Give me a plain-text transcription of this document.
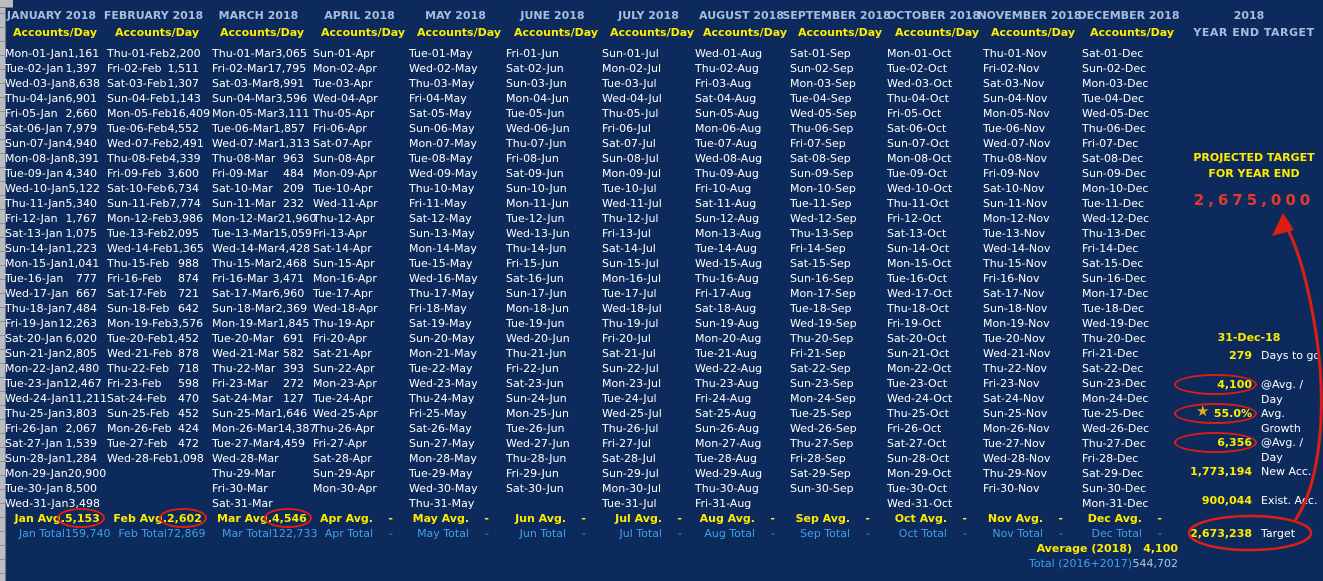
JANUARY 2018
Accounts/Day
Mon-01-Jan 1,161
Tue-02-Jan 1,397
Wed-03-Jan 8,638
Thu-04-Jan 6,901
Fri-05-Jan 2,660
Sat-06-Jan 7,979
Sun-07-Jan 4,940
Mon-08-Jan 8,391
Tue-09-Jan 4,340
Wed-10-Jan 5,122
Thu-11-Jan 5,340
Fri-12-Jan 1,767
Sat-13-Jan 1,075
Sun-14-Jan 1,223
Mon-15-Jan 1,041
Tue-16-Jan 777
Wed-17-Jan 667
Thu-18-Jan 7,484
Fri-19-Jan 12,263
Sat-20-Jan 6,020
Sun-21-Jan 2,805
Mon-22-Jan 2,480
Tue-23-Jan 12,467
Wed-24-Jan 11,211
Thu-25-Jan 3,803
Fri-26-Jan 2,067
Sat-27-Jan 1,539
Sun-28-Jan 1,284
Mon-29-Jan 20,900
Tue-30-Jan 8,500
Wed-31-Jan 3,498
Jan Avg. 5,153
Jan Total 159,740
FEBRUARY 2018
Accounts/Day
Thu-01-Feb 2,200
Fri-02-Feb 1,511
Sat-03-Feb 1,307
Sun-04-Feb 1,143
Mon-05-Feb 16,409
Tue-06-Feb 4,552
Wed-07-Feb 2,491
Thu-08-Feb 4,339
Fri-09-Feb 3,600
Sat-10-Feb 6,734
Sun-11-Feb 7,774
Mon-12-Feb 3,986
Tue-13-Feb 2,095
Wed-14-Feb 1,365
Thu-15-Feb 988
Fri-16-Feb 874
Sat-17-Feb 721
Sun-18-Feb 642
Mon-19-Feb 3,576
Tue-20-Feb 1,452
Wed-21-Feb 878
Thu-22-Feb 718
Fri-23-Feb 598
Sat-24-Feb 470
Sun-25-Feb 452
Mon-26-Feb 424
Tue-27-Feb 472
Wed-28-Feb 1,098
Feb Avg. 2,602
Feb Total 72,869
MARCH 2018
Accounts/Day
Thu-01-Mar 3,065
Fri-02-Mar 17,795
Sat-03-Mar 8,991
Sun-04-Mar 3,596
Mon-05-Mar 3,111
Tue-06-Mar 1,857
Wed-07-Mar 1,313
Thu-08-Mar 963
Fri-09-Mar 484
Sat-10-Mar 209
Sun-11-Mar 232
Mon-12-Mar 21,960
Tue-13-Mar 15,059
Wed-14-Mar 4,428
Thu-15-Mar 2,468
Fri-16-Mar 3,471
Sat-17-Mar 6,960
Sun-18-Mar 2,369
Mon-19-Mar 1,845
Tue-20-Mar 691
Wed-21-Mar 582
Thu-22-Mar 393
Fri-23-Mar 272
Sat-24-Mar 127
Sun-25-Mar 1,646
Mon-26-Mar 14,387
Tue-27-Mar 4,459
Wed-28-Mar
Thu-29-Mar
Fri-30-Mar
Sat-31-Mar
Mar Avg. 4,546
Mar Total 122,733
APRIL 2018
Accounts/Day
Sun-01-Apr
Mon-02-Apr
Tue-03-Apr
Wed-04-Apr
Thu-05-Apr
Fri-06-Apr
Sat-07-Apr
Sun-08-Apr
Mon-09-Apr
Tue-10-Apr
Wed-11-Apr
Thu-12-Apr
Fri-13-Apr
Sat-14-Apr
Sun-15-Apr
Mon-16-Apr
Tue-17-Apr
Wed-18-Apr
Thu-19-Apr
Fri-20-Apr
Sat-21-Apr
Sun-22-Apr
Mon-23-Apr
Tue-24-Apr
Wed-25-Apr
Thu-26-Apr
Fri-27-Apr
Sat-28-Apr
Sun-29-Apr
Mon-30-Apr
Apr Avg.	-
Apr Total	-
MAY 2018
Accounts/Day
Tue-01-May
Wed-02-May
Thu-03-May
Fri-04-May
Sat-05-May
Sun-06-May
Mon-07-May
Tue-08-May
Wed-09-May
Thu-10-May
Fri-11-May
Sat-12-May
Sun-13-May
Mon-14-May
Tue-15-May
Wed-16-May
Thu-17-May
Fri-18-May
Sat-19-May
Sun-20-May
Mon-21-May
Tue-22-May
Wed-23-May
Thu-24-May
Fri-25-May
Sat-26-May
Sun-27-May
Mon-28-May
Tue-29-May
Wed-30-May
Thu-31-May
May Avg.	-
May Total	-
JUNE 2018
Accounts/Day
Fri-01-Jun
Sat-02-Jun
Sun-03-Jun
Mon-04-Jun
Tue-05-Jun
Wed-06-Jun
Thu-07-Jun
Fri-08-Jun
Sat-09-Jun
Sun-10-Jun
Mon-11-Jun
Tue-12-Jun
Wed-13-Jun
Thu-14-Jun
Fri-15-Jun
Sat-16-Jun
Sun-17-Jun
Mon-18-Jun
Tue-19-Jun
Wed-20-Jun
Thu-21-Jun
Fri-22-Jun
Sat-23-Jun
Sun-24-Jun
Mon-25-Jun
Tue-26-Jun
Wed-27-Jun
Thu-28-Jun
Fri-29-Jun
Sat-30-Jun
Jun Avg.	-
Jun Total	-
JULY 2018
Accounts/Day
Sun-01-Jul
Mon-02-Jul
Tue-03-Jul
Wed-04-Jul
Thu-05-Jul
Fri-06-Jul
Sat-07-Jul
Sun-08-Jul
Mon-09-Jul
Tue-10-Jul
Wed-11-Jul
Thu-12-Jul
Fri-13-Jul
Sat-14-Jul
Sun-15-Jul
Mon-16-Jul
Tue-17-Jul
Wed-18-Jul
Thu-19-Jul
Fri-20-Jul
Sat-21-Jul
Sun-22-Jul
Mon-23-Jul
Tue-24-Jul
Wed-25-Jul
Thu-26-Jul
Fri-27-Jul
Sat-28-Jul
Sun-29-Jul
Mon-30-Jul
Tue-31-Jul
Jul Avg.	-
Jul Total	-
AUGUST 2018
Accounts/Day
Wed-01-Aug
Thu-02-Aug
Fri-03-Aug
Sat-04-Aug
Sun-05-Aug
Mon-06-Aug
Tue-07-Aug
Wed-08-Aug
Thu-09-Aug
Fri-10-Aug
Sat-11-Aug
Sun-12-Aug
Mon-13-Aug
Tue-14-Aug
Wed-15-Aug
Thu-16-Aug
Fri-17-Aug
Sat-18-Aug
Sun-19-Aug
Mon-20-Aug
Tue-21-Aug
Wed-22-Aug
Thu-23-Aug
Fri-24-Aug
Sat-25-Aug
Sun-26-Aug
Mon-27-Aug
Tue-28-Aug
Wed-29-Aug
Thu-30-Aug
Fri-31-Aug
Aug Avg.	-
Aug Total	-
SEPTEMBER 2018
Accounts/Day
Sat-01-Sep
Sun-02-Sep
Mon-03-Sep
Tue-04-Sep
Wed-05-Sep
Thu-06-Sep
Fri-07-Sep
Sat-08-Sep
Sun-09-Sep
Mon-10-Sep
Tue-11-Sep
Wed-12-Sep
Thu-13-Sep
Fri-14-Sep
Sat-15-Sep
Sun-16-Sep
Mon-17-Sep
Tue-18-Sep
Wed-19-Sep
Thu-20-Sep
Fri-21-Sep
Sat-22-Sep
Sun-23-Sep
Mon-24-Sep
Tue-25-Sep
Wed-26-Sep
Thu-27-Sep
Fri-28-Sep
Sat-29-Sep
Sun-30-Sep
Sep Avg.	-
Sep Total	-
OCTOBER 2018
Accounts/Day
Mon-01-Oct
Tue-02-Oct
Wed-03-Oct
Thu-04-Oct
Fri-05-Oct
Sat-06-Oct
Sun-07-Oct
Mon-08-Oct
Tue-09-Oct
Wed-10-Oct
Thu-11-Oct
Fri-12-Oct
Sat-13-Oct
Sun-14-Oct
Mon-15-Oct
Tue-16-Oct
Wed-17-Oct
Thu-18-Oct
Fri-19-Oct
Sat-20-Oct
Sun-21-Oct
Mon-22-Oct
Tue-23-Oct
Wed-24-Oct
Thu-25-Oct
Fri-26-Oct
Sat-27-Oct
Sun-28-Oct
Mon-29-Oct
Tue-30-Oct
Wed-31-Oct
Oct Avg.	-
Oct Total	-
NOVEMBER 2018
Accounts/Day
Thu-01-Nov
Fri-02-Nov
Sat-03-Nov
Sun-04-Nov
Mon-05-Nov
Tue-06-Nov
Wed-07-Nov
Thu-08-Nov
Fri-09-Nov
Sat-10-Nov
Sun-11-Nov
Mon-12-Nov
Tue-13-Nov
Wed-14-Nov
Thu-15-Nov
Fri-16-Nov
Sat-17-Nov
Sun-18-Nov
Mon-19-Nov
Tue-20-Nov
Wed-21-Nov
Thu-22-Nov
Fri-23-Nov
Sat-24-Nov
Sun-25-Nov
Mon-26-Nov
Tue-27-Nov
Wed-28-Nov
Thu-29-Nov
Fri-30-Nov
Nov Avg.	-
Nov Total	-
DECEMBER 2018
Accounts/Day
Sat-01-Dec
Sun-02-Dec
Mon-03-Dec
Tue-04-Dec
Wed-05-Dec
Thu-06-Dec
Fri-07-Dec
Sat-08-Dec
Sun-09-Dec
Mon-10-Dec
Tue-11-Dec
Wed-12-Dec
Thu-13-Dec
Fri-14-Dec
Sat-15-Dec
Sun-16-Dec
Mon-17-Dec
Tue-18-Dec
Wed-19-Dec
Thu-20-Dec
Fri-21-Dec
Sat-22-Dec
Sun-23-Dec
Mon-24-Dec
Tue-25-Dec
Wed-26-Dec
Thu-27-Dec
Fri-28-Dec
Sat-29-Dec
Sun-30-Dec
Mon-31-Dec
Dec Avg.	-
Dec Total	-
Average (2018)	4,100
Total (2016+2017) 544,702
2018
YEAR END TARGET
PROJECTED TARGET
FOR YEAR END
2,675,000
31-Dec-18
279 Days to go
4,100 @Avg. / Day
★ 55.0% Avg. Growth
6,356 @Avg. / Day
1,773,194 New Acc.
900,044 Exist. Acc.
2,673,238 Target
